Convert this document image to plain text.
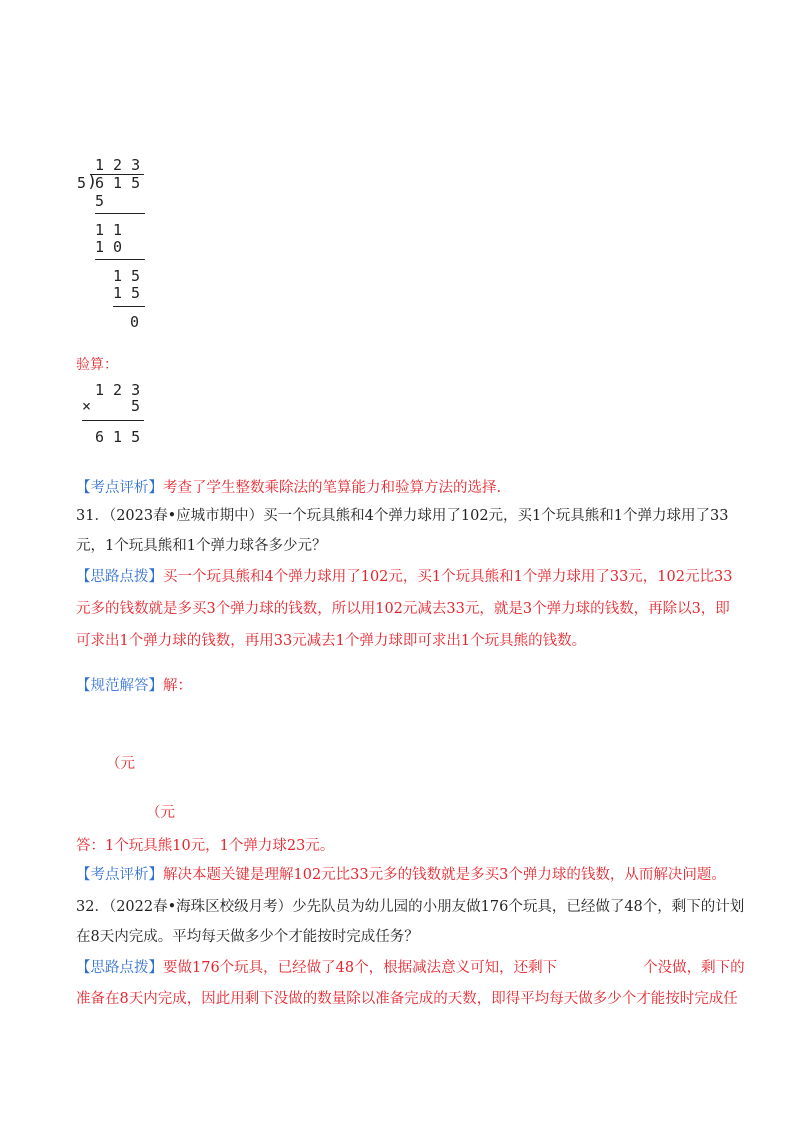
1 2 3
5 )
6 1 5
5
1 1
1 0
1 5
1 5
0
验算：
1 2 3
×	5
6 1 5
【考点评析】考查了学生整数乘除法的笔算能力和验算方法的选择.
31．（2023春•应城市期中）买一个玩具熊和4个弹力球用了102元，买1个玩具熊和1个弹力球用了33
元，1个玩具熊和1个弹力球各多少元？
【思路点拨】买一个玩具熊和4个弹力球用了102元，买1个玩具熊和1个弹力球用了33元，102元比33
元多的钱数就是多买3个弹力球的钱数，所以用102元减去33元，就是3个弹力球的钱数，再除以3，即
可求出1个弹力球的钱数，再用33元减去1个弹力球即可求出1个玩具熊的钱数。
【规范解答】解：
（元
（元
答：1个玩具熊10元，1个弹力球23元。
【考点评析】解决本题关键是理解102元比33元多的钱数就是多买3个弹力球的钱数，从而解决问题。
32．（2022春•海珠区校级月考）少先队员为幼儿园的小朋友做176个玩具，已经做了48个，剩下的计划
在8天内完成。平均每天做多少个才能按时完成任务？
【思路点拨】要做176个玩具，已经做了48个，根据减法意义可知，还剩下	个没做，剩下的
准备在8天内完成，因此用剩下没做的数量除以准备完成的天数，即得平均每天做多少个才能按时完成任
